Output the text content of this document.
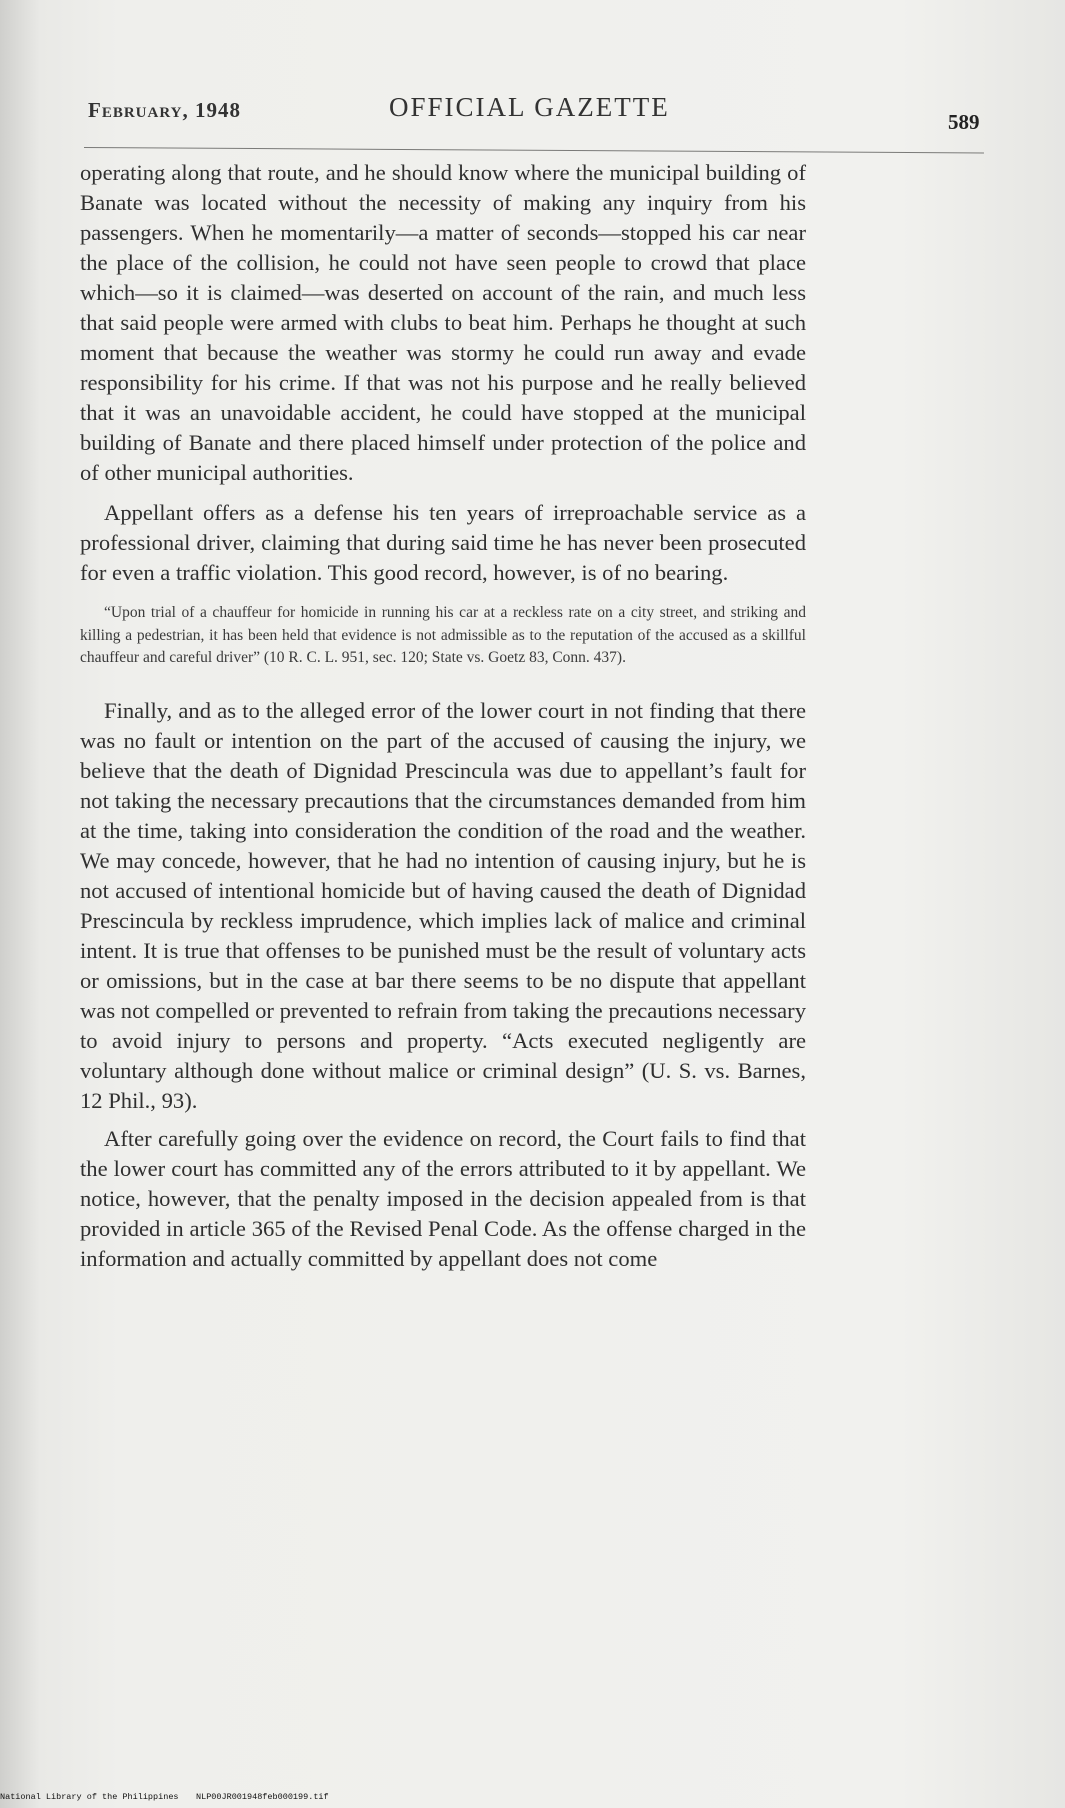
February, 1948	OFFICIAL GAZETTE	589

operating along that route, and he should know where the municipal building of Banate was located without the necessity of making any inquiry from his passengers. When he momentarily—a matter of seconds—stopped his car near the place of the collision, he could not have seen people to crowd that place which—so it is claimed—was deserted on account of the rain, and much less that said people were armed with clubs to beat him. Perhaps he thought at such moment that because the weather was stormy he could run away and evade responsibility for his crime. If that was not his purpose and he really believed that it was an unavoidable accident, he could have stopped at the municipal building of Banate and there placed himself under protection of the police and of other municipal authorities.

Appellant offers as a defense his ten years of irreproachable service as a professional driver, claiming that during said time he has never been prosecuted for even a traffic violation. This good record, however, is of no bearing.

“Upon trial of a chauffeur for homicide in running his car at a reckless rate on a city street, and striking and killing a pedestrian, it has been held that evidence is not admissible as to the reputation of the accused as a skillful chauffeur and careful driver” (10 R. C. L. 951, sec. 120; State vs. Goetz 83, Conn. 437).

Finally, and as to the alleged error of the lower court in not finding that there was no fault or intention on the part of the accused of causing the injury, we believe that the death of Dignidad Prescincula was due to appellant’s fault for not taking the necessary precautions that the circumstances demanded from him at the time, taking into consideration the condition of the road and the weather. We may concede, however, that he had no intention of causing injury, but he is not accused of intentional homicide but of having caused the death of Dignidad Prescincula by reckless imprudence, which implies lack of malice and criminal intent. It is true that offenses to be punished must be the result of voluntary acts or omissions, but in the case at bar there seems to be no dispute that appellant was not compelled or prevented to refrain from taking the precautions necessary to avoid injury to persons and property. “Acts executed negligently are voluntary although done without malice or criminal design” (U. S. vs. Barnes, 12 Phil., 93).

After carefully going over the evidence on record, the Court fails to find that the lower court has committed any of the errors attributed to it by appellant. We notice, however, that the penalty imposed in the decision appealed from is that provided in article 365 of the Revised Penal Code. As the offense charged in the information and actually committed by appellant does not come

National Library of the Philippines NLP00JR001948feb000199.tif
